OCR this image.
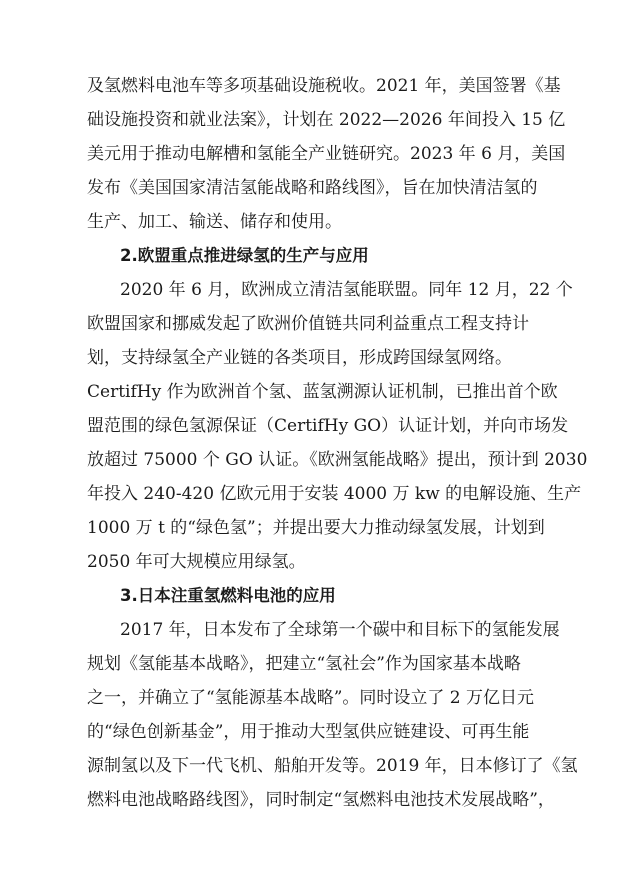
及氢燃料电池车等多项基础设施税收。2021 年，美国签署《基

础设施投资和就业法案》，计划在 2022—2026 年间投入 15 亿

美元用于推动电解槽和氢能全产业链研究。2023 年 6 月，美国

发布《美国国家清洁氢能战略和路线图》，旨在加快清洁氢的

生产、加工、输送、储存和使用。

2.欧盟重点推进绿氢的生产与应用

2020 年 6 月，欧洲成立清洁氢能联盟。同年 12 月，22 个

欧盟国家和挪威发起了欧洲价值链共同利益重点工程支持计

划，支持绿氢全产业链的各类项目，形成跨国绿氢网络。

CertifHy 作为欧洲首个氢、蓝氢溯源认证机制，已推出首个欧

盟范围的绿色氢源保证（CertifHy GO）认证计划，并向市场发

放超过 75000 个 GO 认证。《欧洲氢能战略》提出，预计到 2030

年投入 240-420 亿欧元用于安装 4000 万 kw 的电解设施、生产

1000 万 t 的“绿色氢”；并提出要大力推动绿氢发展，计划到

2050 年可大规模应用绿氢。

3.日本注重氢燃料电池的应用

2017 年，日本发布了全球第一个碳中和目标下的氢能发展

规划《氢能基本战略》，把建立“氢社会”作为国家基本战略

之一，并确立了“氢能源基本战略”。同时设立了 2 万亿日元

的“绿色创新基金”，用于推动大型氢供应链建设、可再生能

源制氢以及下一代飞机、船舶开发等。2019 年，日本修订了《氢

燃料电池战略路线图》，同时制定“氢燃料电池技术发展战略”，
